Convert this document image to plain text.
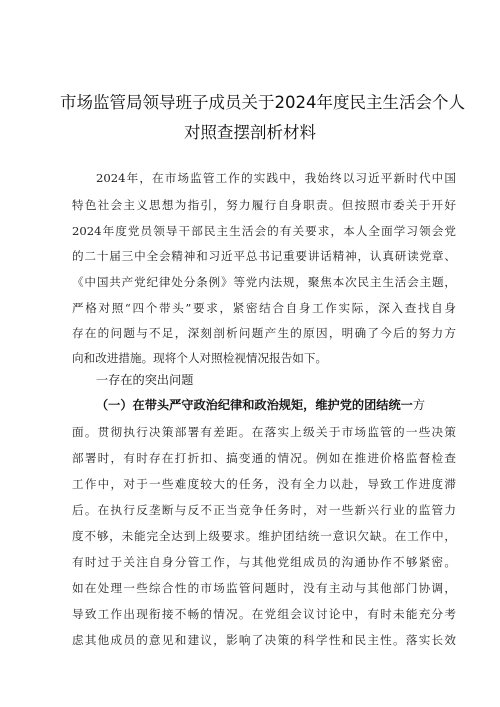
市场监管局领导班子成员关于2024年度民主生活会个人
对照查摆剖析材料
2024年，在市场监管工作的实践中，我始终以习近平新时代中国
特色社会主义思想为指引，努力履行自身职责。但按照市委关于开好
2024年度党员领导干部民主生活会的有关要求，本人全面学习领会党
的二十届三中全会精神和习近平总书记重要讲话精神，认真研读党章、
《中国共产党纪律处分条例》等党内法规，聚焦本次民主生活会主题，
严格对照“四个带头”要求，紧密结合自身工作实际，深入查找自身
存在的问题与不足，深刻剖析问题产生的原因，明确了今后的努力方
向和改进措施。现将个人对照检视情况报告如下。
一存在的突出问题
（一）在带头严守政治纪律和政治规矩，维护党的团结统一方
面。贯彻执行决策部署有差距。在落实上级关于市场监管的一些决策
部署时，有时存在打折扣、搞变通的情况。例如在推进价格监督检查
工作中，对于一些难度较大的任务，没有全力以赴，导致工作进度滞
后。在执行反垄断与反不正当竞争任务时，对一些新兴行业的监管力
度不够，未能完全达到上级要求。维护团结统一意识欠缺。在工作中，
有时过于关注自身分管工作，与其他党组成员的沟通协作不够紧密。
如在处理一些综合性的市场监管问题时，没有主动与其他部门协调，
导致工作出现衔接不畅的情况。在党组会议讨论中，有时未能充分考
虑其他成员的意见和建议，影响了决策的科学性和民主性。落实长效
